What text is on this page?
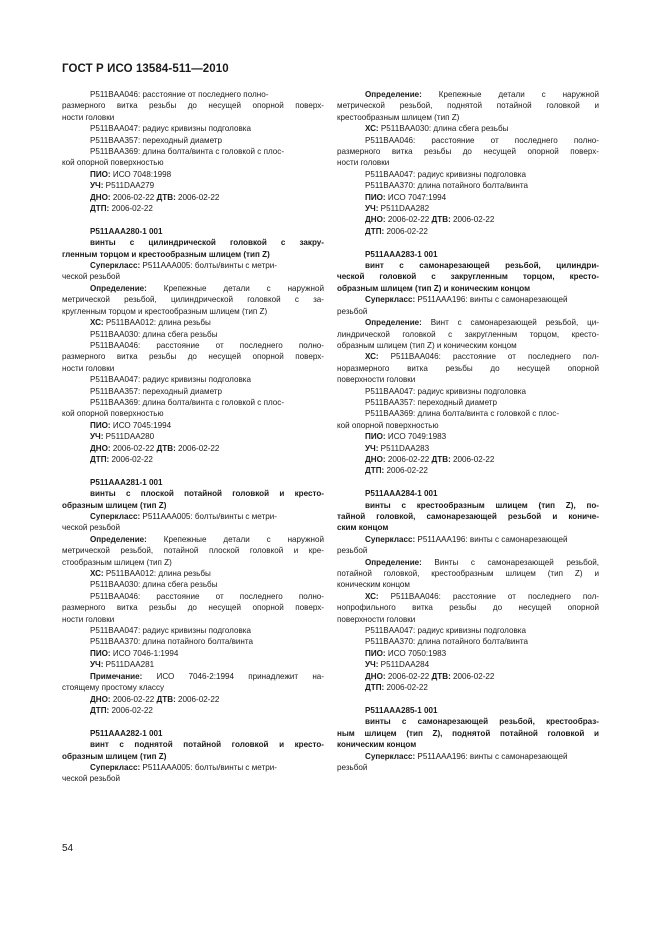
ГОСТ Р ИСО 13584-511—2010
P511BAA046: расстояние от последнего полно-
размерного витка резьбы до несущей опорной поверх-
ности головки
P511BAA047: радиус кривизны подголовка
P511BAA357: переходный диаметр
P511BAA369: длина болта/винта с головкой с плос-
кой опорной поверхностью
ПИО: ИСО 7048:1998
УЧ: P511DAA279
ДНО: 2006-02-22 ДТВ: 2006-02-22
ДТП: 2006-02-22
P511AAA280-1 001
винты с цилиндрической головкой с закру-
гленным торцом и крестообразным шлицем (тип Z)
Суперкласс: P511AAA005: болты/винты с метри-
ческой резьбой
Определение: Крепежные детали с наружной
метрической резьбой, цилиндрической головкой с за-
кругленным торцом и крестообразным шлицем (тип Z)
ХС: P511BAA012: длина резьбы
P511BAA030: длина сбега резьбы
P511BAA046: расстояние от последнего полно-
размерного витка резьбы до несущей опорной поверх-
ности головки
P511BAA047: радиус кривизны подголовка
P511BAA357: переходный диаметр
P511BAA369: длина болта/винта с головкой с плос-
кой опорной поверхностью
ПИО: ИСО 7045:1994
УЧ: P511DAA280
ДНО: 2006-02-22 ДТВ: 2006-02-22
ДТП: 2006-02-22
P511AAA281-1 001
винты с плоской потайной головкой и кресто-
образным шлицем (тип Z)
Суперкласс: P511AAA005: болты/винты с метри-
ческой резьбой
Определение: Крепежные детали с наружной
метрической резьбой, потайной плоской головкой и кре-
стообразным шлицем (тип Z)
ХС: P511BAA012: длина резьбы
P511BAA030: длина сбега резьбы
P511BAA046: расстояние от последнего полно-
размерного витка резьбы до несущей опорной поверх-
ности головки
P511BAA047: радиус кривизны подголовка
P511BAA370: длина потайного болта/винта
ПИО: ИСО 7046-1:1994
УЧ: P511DAA281
Примечание: ИСО 7046-2:1994 принадлежит на-
стоящему простому классу
ДНО: 2006-02-22 ДТВ: 2006-02-22
ДТП: 2006-02-22
P511AAA282-1 001
винт с поднятой потайной головкой и кресто-
образным шлицем (тип Z)
Суперкласс: P511AAA005: болты/винты с метри-
ческой резьбой
Определение: Крепежные детали с наружной
метрической резьбой, поднятой потайной головкой и
крестообразным шлицем (тип Z)
ХС: P511BAA030: длина сбега резьбы
P511BAA046: расстояние от последнего полно-
размерного витка резьбы до несущей опорной поверх-
ности головки
P511BAA047: радиус кривизны подголовка
P511BAA370: длина потайного болта/винта
ПИО: ИСО 7047:1994
УЧ: P511DAA282
ДНО: 2006-02-22 ДТВ: 2006-02-22
ДТП: 2006-02-22
P511AAA283-1 001
винт с самонарезающей резьбой, цилиндри-
ческой головкой с закругленным торцом, кресто-
образным шлицем (тип Z) и коническим концом
Суперкласс: P511AAA196: винты с самонарезающей
резьбой
Определение: Винт с самонарезающей резьбой, ци-
линдрической головкой с закругленным торцом, кресто-
образным шлицем (тип Z) и коническим концом
ХС: P511BAA046: расстояние от последнего пол-
норазмерного витка резьбы до несущей опорной
поверхности головки
P511BAA047: радиус кривизны подголовка
P511BAA357: переходный диаметр
P511BAA369: длина болта/винта с головкой с плос-
кой опорной поверхностью
ПИО: ИСО 7049:1983
УЧ: P511DAA283
ДНО: 2006-02-22 ДТВ: 2006-02-22
ДТП: 2006-02-22
P511AAA284-1 001
винты с крестообразным шлицем (тип Z), по-
тайной головкой, самонарезающей резьбой и кониче-
ским концом
Суперкласс: P511AAA196: винты с самонарезающей
резьбой
Определение: Винты с самонарезающей резьбой,
потайной головкой, крестообразным шлицем (тип Z) и
коническим концом
ХС: P511BAA046: расстояние от последнего пол-
нопрофильного витка резьбы до несущей опорной
поверхности головки
P511BAA047: радиус кривизны подголовка
P511BAA370: длина потайного болта/винта
ПИО: ИСО 7050:1983
УЧ: P511DAA284
ДНО: 2006-02-22 ДТВ: 2006-02-22
ДТП: 2006-02-22
P511AAA285-1 001
винты с самонарезающей резьбой, крестообраз-
ным шлицем (тип Z), поднятой потайной головкой и
коническим концом
Суперкласс: P511AAA196: винты с самонарезающей
резьбой
54
